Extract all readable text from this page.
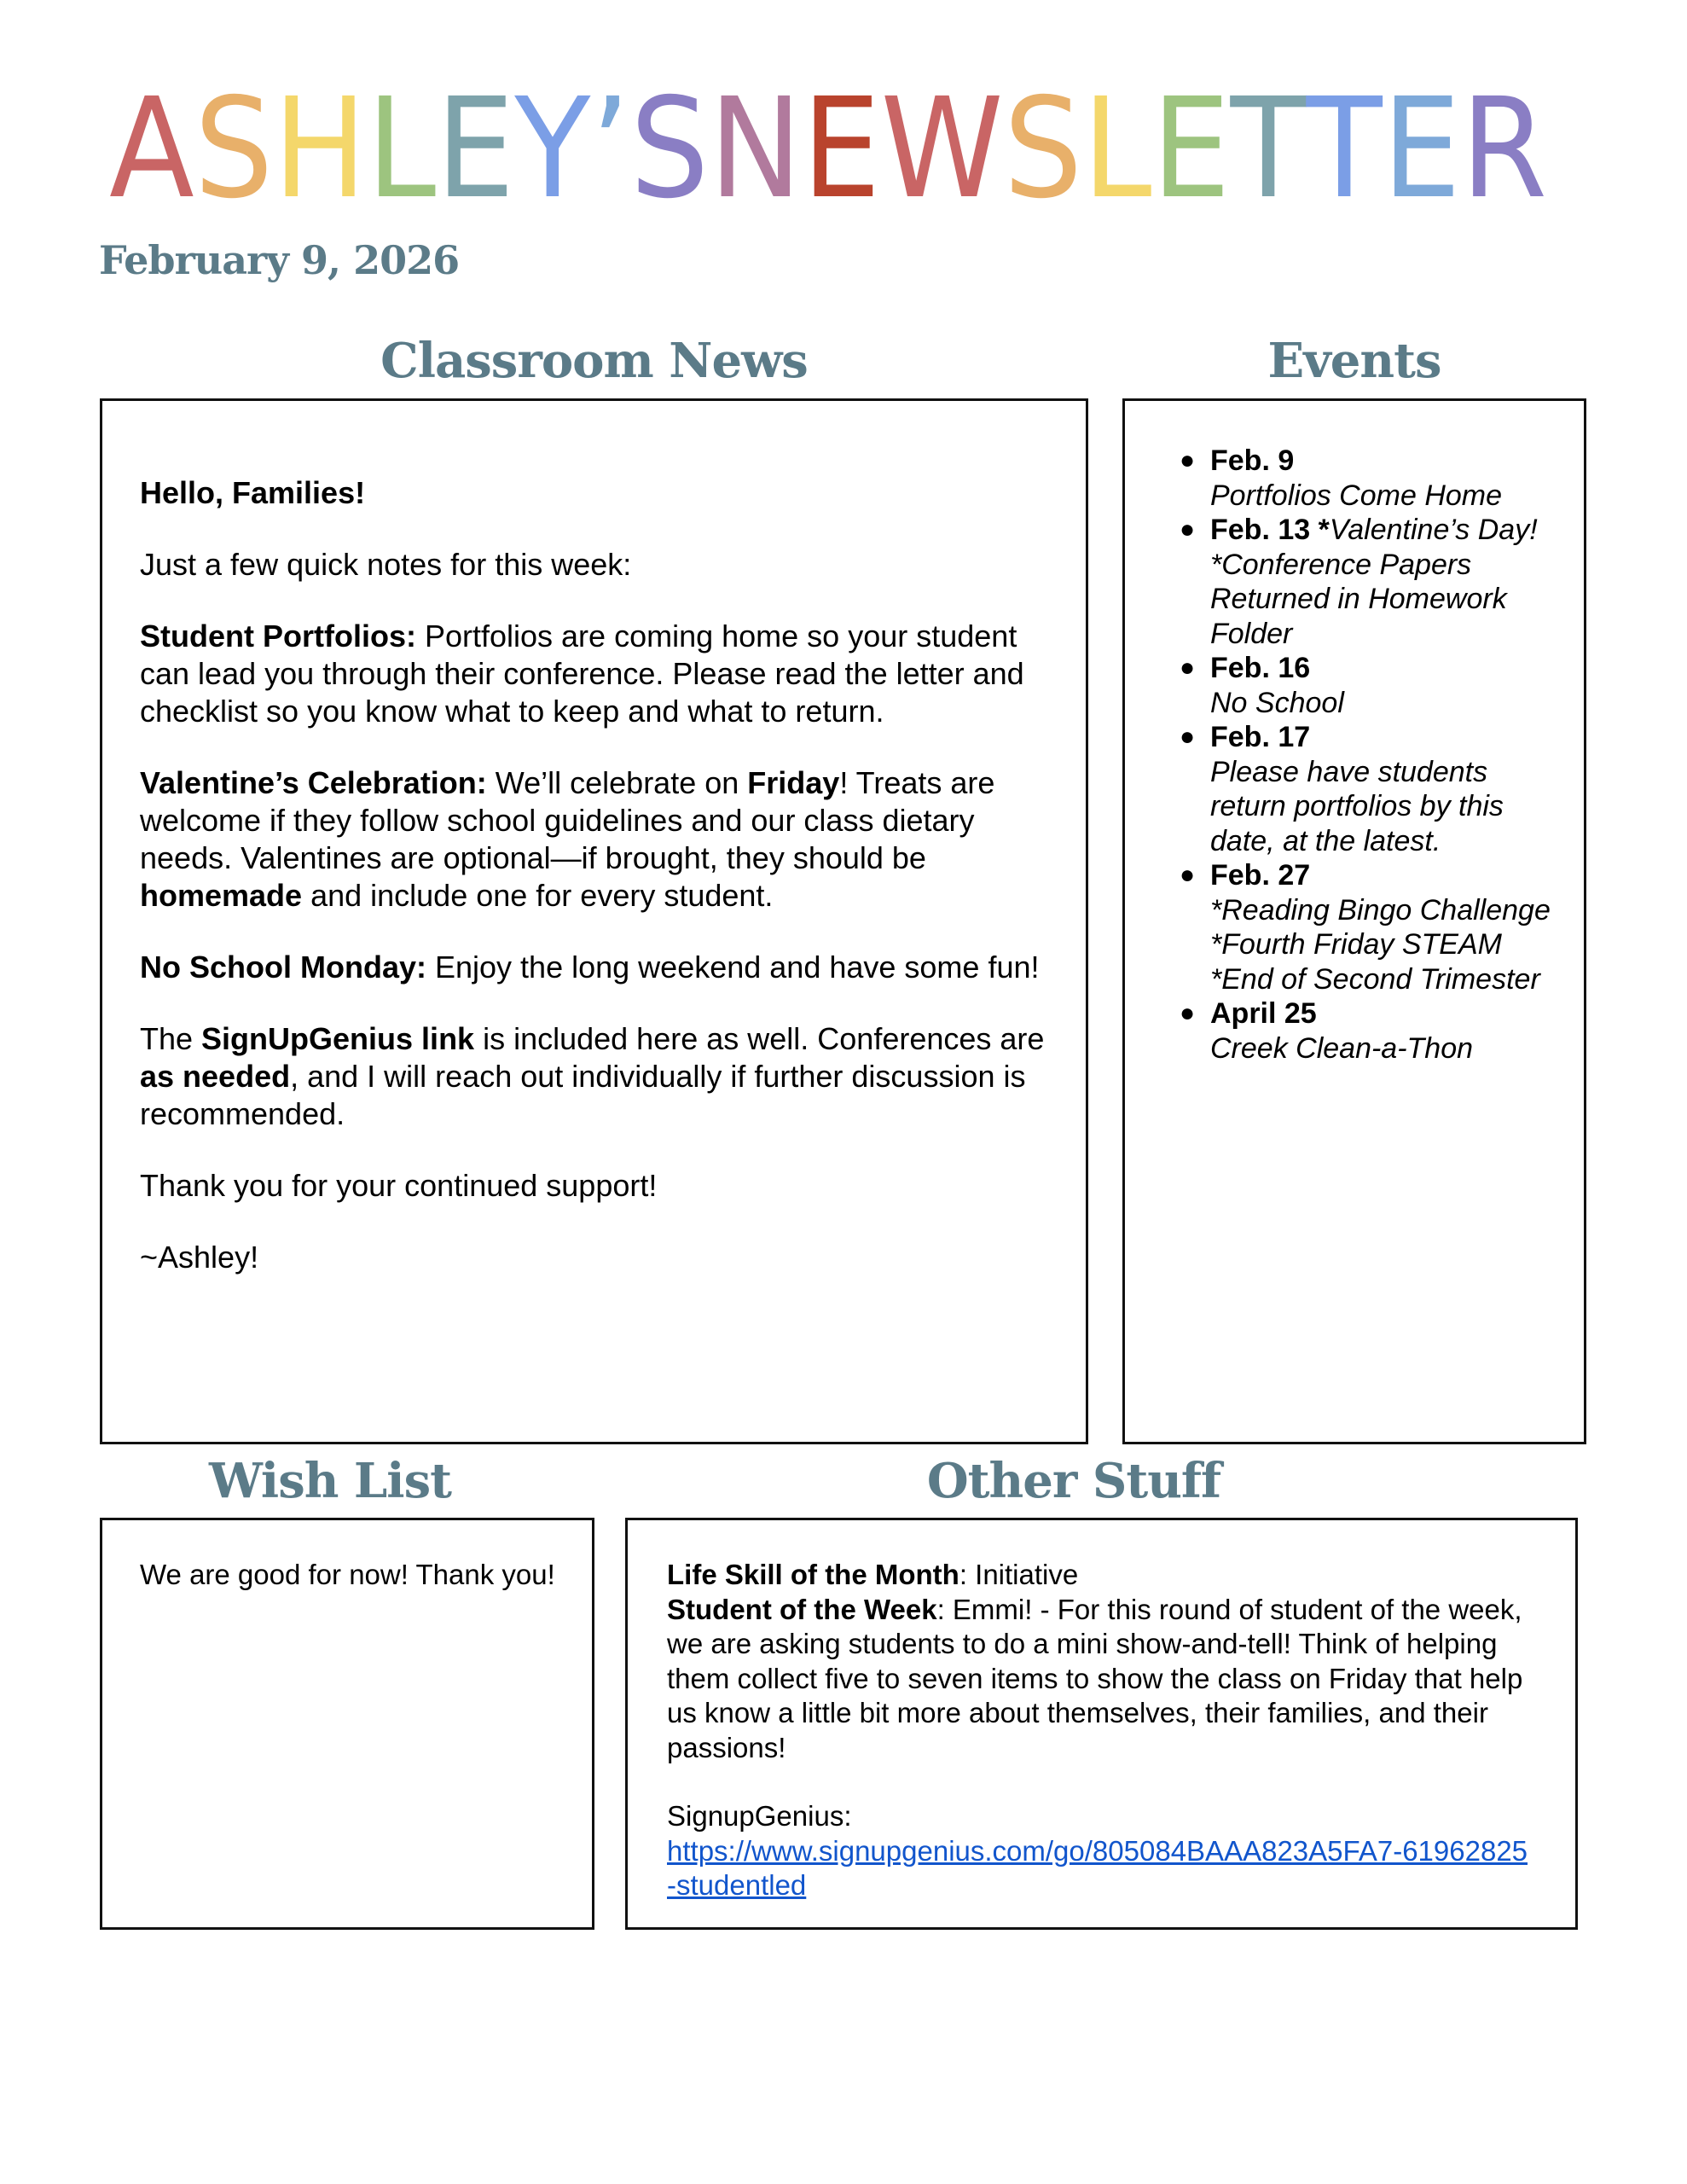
A S H L E Y ’ S N E W S L E T T E R
February 9, 2026
Classroom News

Hello, Families!

Just a few quick notes for this week:

Student Portfolios: Portfolios are coming home so your student can lead you through their conference. Please read the letter and checklist so you know what to keep and what to return.

Valentine’s Celebration: We’ll celebrate on Friday! Treats are welcome if they follow school guidelines and our class dietary needs. Valentines are optional—if brought, they should be homemade and include one for every student.

No School Monday: Enjoy the long weekend and have some fun!

The SignUpGenius link is included here as well. Conferences are as needed, and I will reach out individually if further discussion is recommended.

Thank you for your continued support!

~Ashley!

Events
● Feb. 9
Portfolios Come Home
● Feb. 13 *Valentine’s Day! *Conference Papers Returned in Homework Folder
● Feb. 16
No School
● Feb. 17
Please have students return portfolios by this date, at the latest.
● Feb. 27
*Reading Bingo Challenge
*Fourth Friday STEAM
*End of Second Trimester
● April 25
Creek Clean-a-Thon
Wish List
We are good for now! Thank you!
Other Stuff
Life Skill of the Month: Initiative
Student of the Week: Emmi! - For this round of student of the week, we are asking students to do a mini show-and-tell! Think of helping them collect five to seven items to show the class on Friday that help us know a little bit more about themselves, their families, and their passions!
SignupGenius:
https://www.signupgenius.com/go/805084BAAA823A5FA7-61962825-studentled
